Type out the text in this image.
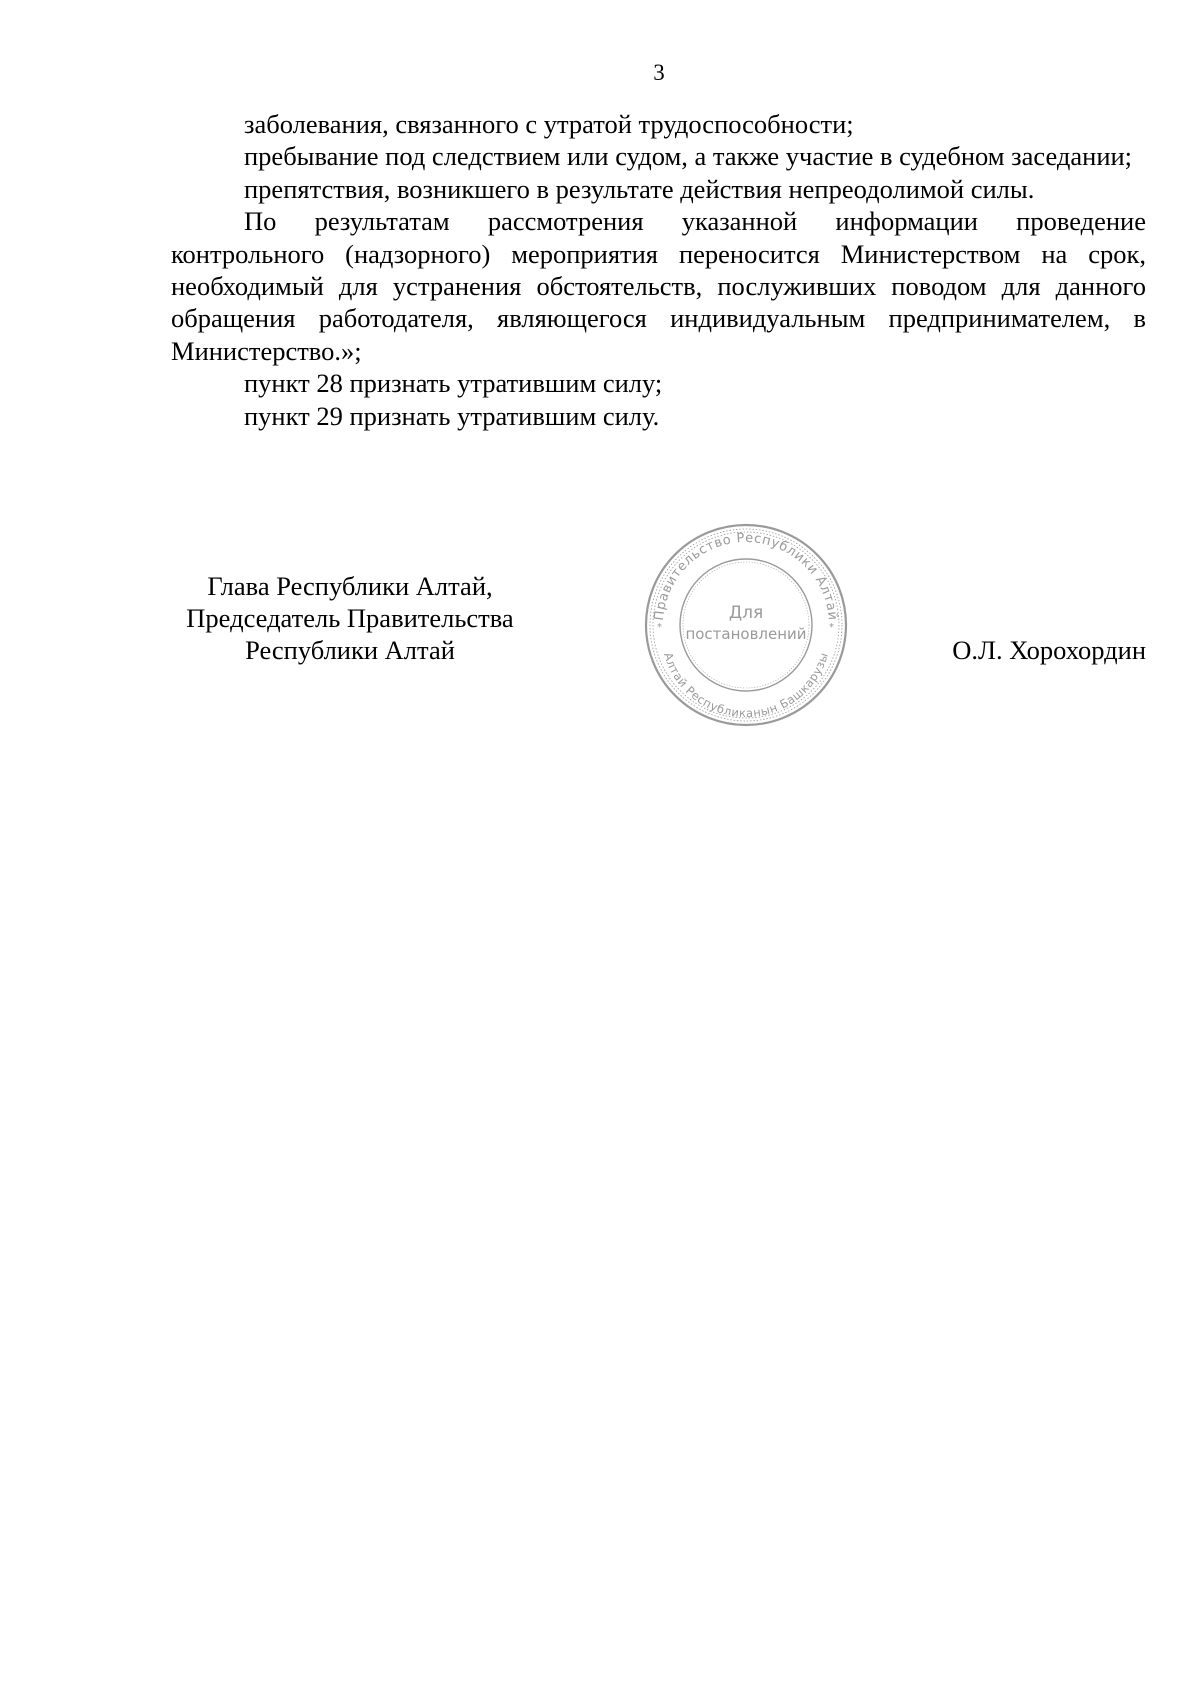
3

заболевания, связанного с утратой трудоспособности;

пребывание под следствием или судом, а также участие в судебном заседании;

препятствия, возникшего в результате действия непреодолимой силы.

По результатам рассмотрения указанной информации проведение контрольного (надзорного) мероприятия переносится Министерством на срок, необходимый для устранения обстоятельств, послуживших поводом для данного обращения работодателя, являющегося индивидуальным предпринимателем, в Министерство.»;

пункт 28 признать утратившим силу;

пункт 29 признать утратившим силу.

Глава Республики Алтай,
Председатель Правительства
Республики Алтай
Правительство Республики Алтай
Алтай Республиканын Башкарузы
*	*
Для
постановлений
О.Л. Хорохордин
